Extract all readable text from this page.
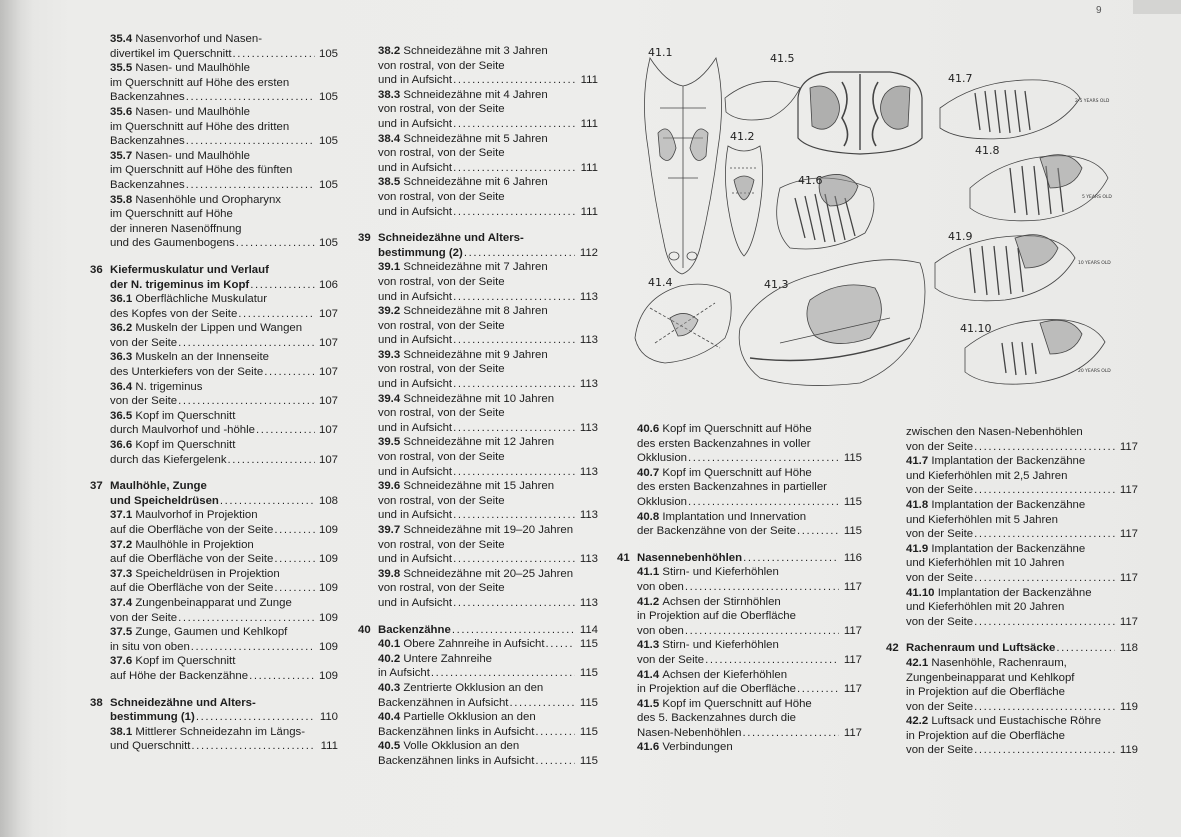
9
35.4
Nasenvorhof und Nasen-
divertikel im Querschnitt .....	105
35.5
Nasen- und Maulhöhle
im Querschnitt auf Höhe des ersten
Backenzahnes .....	105
35.6
Nasen- und Maulhöhle
im Querschnitt auf Höhe des dritten
Backenzahnes .....	105
35.7
Nasen- und Maulhöhle
im Querschnitt auf Höhe des fünften
Backenzahnes .....	105
35.8
Nasenhöhle und Oropharynx
im Querschnitt auf Höhe
der inneren Nasenöffnung
und des Gaumenbogens .....	105
36 Kiefermuskulatur und Verlauf
der N. trigeminus im Kopf .....	106
36.1
Oberflächliche Muskulatur
des Kopfes von der Seite .....	107
36.2
Muskeln der Lippen und Wangen
von der Seite .....	107
36.3
Muskeln an der Innenseite
des Unterkiefers von der Seite .....	107
36.4
N. trigeminus
von der Seite .....	107
36.5
Kopf im Querschnitt
durch Maulvorhof und -höhle .....	107
36.6
Kopf im Querschnitt
durch das Kiefergelenk .....	107
37 Maulhöhle, Zunge
und Speicheldrüsen .....	108
37.1
Maulvorhof in Projektion
auf die Oberfläche von der Seite .....	109
37.2
Maulhöhle in Projektion
auf die Oberfläche von der Seite .....	109
37.3
Speicheldrüsen in Projektion
auf die Oberfläche von der Seite .....	109
37.4
Zungenbeinapparat und Zunge
von der Seite .....	109
37.5
Zunge, Gaumen und Kehlkopf
in situ von oben .....	109
37.6
Kopf im Querschnitt
auf Höhe der Backenzähne .....	109
38 Schneidezähne und Alters-
bestimmung (1) .....	110
38.1
Mittlerer Schneidezahn im Längs-
und Querschnitt .....	111
38.2
Schneidezähne mit 3 Jahren
von rostral, von der Seite
und in Aufsicht .....	111
38.3
Schneidezähne mit 4 Jahren
von rostral, von der Seite
und in Aufsicht .....	111
38.4
Schneidezähne mit 5 Jahren
von rostral, von der Seite
und in Aufsicht .....	111
38.5
Schneidezähne mit 6 Jahren
von rostral, von der Seite
und in Aufsicht .....	111
39 Schneidezähne und Alters-
bestimmung (2) .....	112
39.1
Schneidezähne mit 7 Jahren
von rostral, von der Seite
und in Aufsicht .....	113
39.2
Schneidezähne mit 8 Jahren
von rostral, von der Seite
und in Aufsicht .....	113
39.3
Schneidezähne mit 9 Jahren
von rostral, von der Seite
und in Aufsicht .....	113
39.4
Schneidezähne mit 10 Jahren
von rostral, von der Seite
und in Aufsicht .....	113
39.5
Schneidezähne mit 12 Jahren
von rostral, von der Seite
und in Aufsicht .....	113
39.6
Schneidezähne mit 15 Jahren
von rostral, von der Seite
und in Aufsicht .....	113
39.7
Schneidezähne mit 19–20 Jahren
von rostral, von der Seite
und in Aufsicht .....	113
39.8
Schneidezähne mit 20–25 Jahren
von rostral, von der Seite
und in Aufsicht .....	113
40 Backenzähne .....	114
40.1
Obere Zahnreihe in Aufsicht .....	115
40.2
Untere Zahnreihe
in Aufsicht .....	115
40.3
Zentrierte Okklusion an den
Backenzähnen in Aufsicht .....	115
40.4
Partielle Okklusion an den
Backenzähnen links in Aufsicht .....	115
40.5
Volle Okklusion an den
Backenzähnen links in Aufsicht .....	115
40.6
Kopf im Querschnitt auf Höhe
des ersten Backenzahnes in voller
Okklusion .....	115
40.7
Kopf im Querschnitt auf Höhe
des ersten Backenzahnes in partieller
Okklusion .....	115
40.8
Implantation und Innervation
der Backenzähne von der Seite .....	115
41 Nasennebenhöhlen .....	116
41.1
Stirn- und Kieferhöhlen
von oben .....	117
41.2
Achsen der Stirnhöhlen
in Projektion auf die Oberfläche
von oben .....	117
41.3
Stirn- und Kieferhöhlen
von der Seite .....	117
41.4
Achsen der Kieferhöhlen
in Projektion auf die Oberfläche .....	117
41.5
Kopf im Querschnitt auf Höhe
des 5. Backenzahnes durch die
Nasen-Nebenhöhlen .....	117
41.6
Verbindungen
zwischen den Nasen-Nebenhöhlen
von der Seite .....	117
41.7
Implantation der Backenzähne
und Kieferhöhlen mit 2,5 Jahren
von der Seite .....	117
41.8
Implantation der Backenzähne
und Kieferhöhlen mit 5 Jahren
von der Seite .....	117
41.9
Implantation der Backenzähne
und Kieferhöhlen mit 10 Jahren
von der Seite .....	117
41.10
Implantation der Backenzähne
und Kieferhöhlen mit 20 Jahren
von der Seite .....	117
42 Rachenraum und Luftsäcke .....	118
42.1
Nasenhöhle, Rachenraum,
Zungenbeinapparat und Kehlkopf
in Projektion auf die Oberfläche
von der Seite .....	119
42.2
Luftsack und Eustachische Röhre
in Projektion auf die Oberfläche
von der Seite .....	119
41.1	41.5
41.7
41.2
41.8
41.6
41.9
41.4	41.3
41.10
2-5 YEARS OLD
5 YEARS OLD
10 YEARS OLD
20 YEARS OLD
